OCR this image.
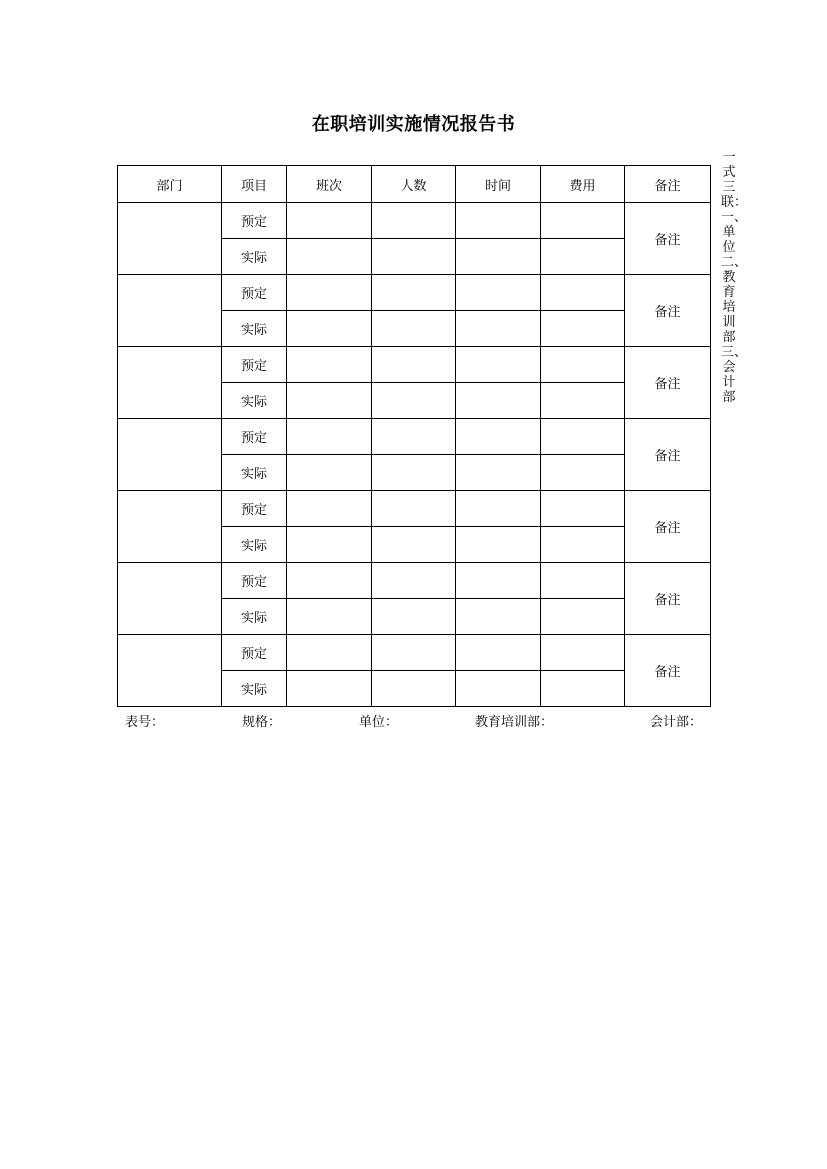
在职培训实施情况报告书
部门	项目	班次	人数	时间	费用	备注
	预定					备注
	实际					
	预定					备注
	实际					
	预定					备注
	实际					
	预定					备注
	实际					
	预定					备注
	实际					
	预定					备注
	实际					
	预定					备注
	实际					
表号：	规格：	单位：	教育培训部：	会计部：
一式三联：一、单位二、教育培训部三、会计部
